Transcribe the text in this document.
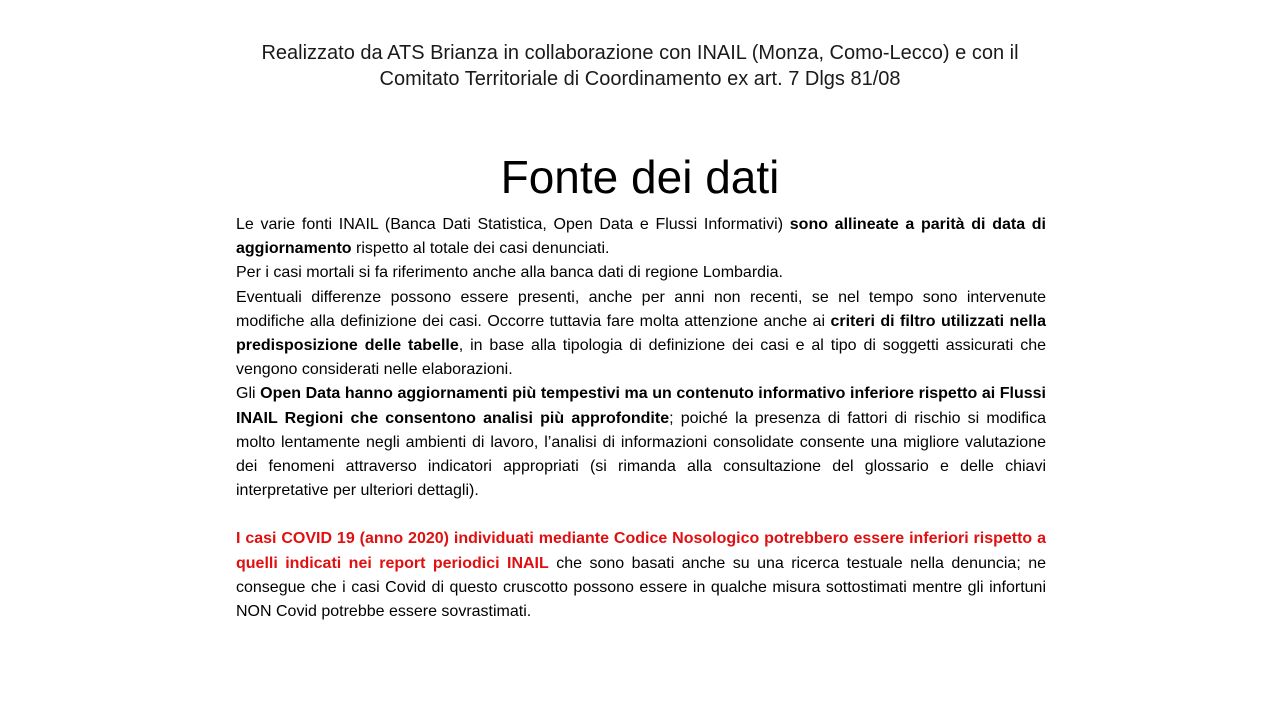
Realizzato da ATS Brianza in collaborazione con INAIL (Monza, Como-Lecco) e con il
Comitato Territoriale di Coordinamento ex art. 7 Dlgs 81/08
Fonte dei dati

Le varie fonti INAIL (Banca Dati Statistica, Open Data e Flussi Informativi) sono allineate a parità di data di aggiornamento rispetto al totale dei casi denunciati.

Per i casi mortali si fa riferimento anche alla banca dati di regione Lombardia.

Eventuali differenze possono essere presenti, anche per anni non recenti, se nel tempo sono intervenute modifiche alla definizione dei casi. Occorre tuttavia fare molta attenzione anche ai criteri di filtro utilizzati nella predisposizione delle tabelle, in base alla tipologia di definizione dei casi e al tipo di soggetti assicurati che vengono considerati nelle elaborazioni.

Gli Open Data hanno aggiornamenti più tempestivi ma un contenuto informativo inferiore rispetto ai Flussi INAIL Regioni che consentono analisi più approfondite; poiché la presenza di fattori di rischio si modifica molto lentamente negli ambienti di lavoro, l’analisi di informazioni consolidate consente una migliore valutazione dei fenomeni attraverso indicatori appropriati (si rimanda alla consultazione del glossario e delle chiavi interpretative per ulteriori dettagli).

I casi COVID 19 (anno 2020) individuati mediante Codice Nosologico potrebbero essere inferiori rispetto a quelli indicati nei report periodici INAIL che sono basati anche su una ricerca testuale nella denuncia; ne consegue che i casi Covid di questo cruscotto possono essere in qualche misura sottostimati mentre gli infortuni NON Covid potrebbe essere sovrastimati.
